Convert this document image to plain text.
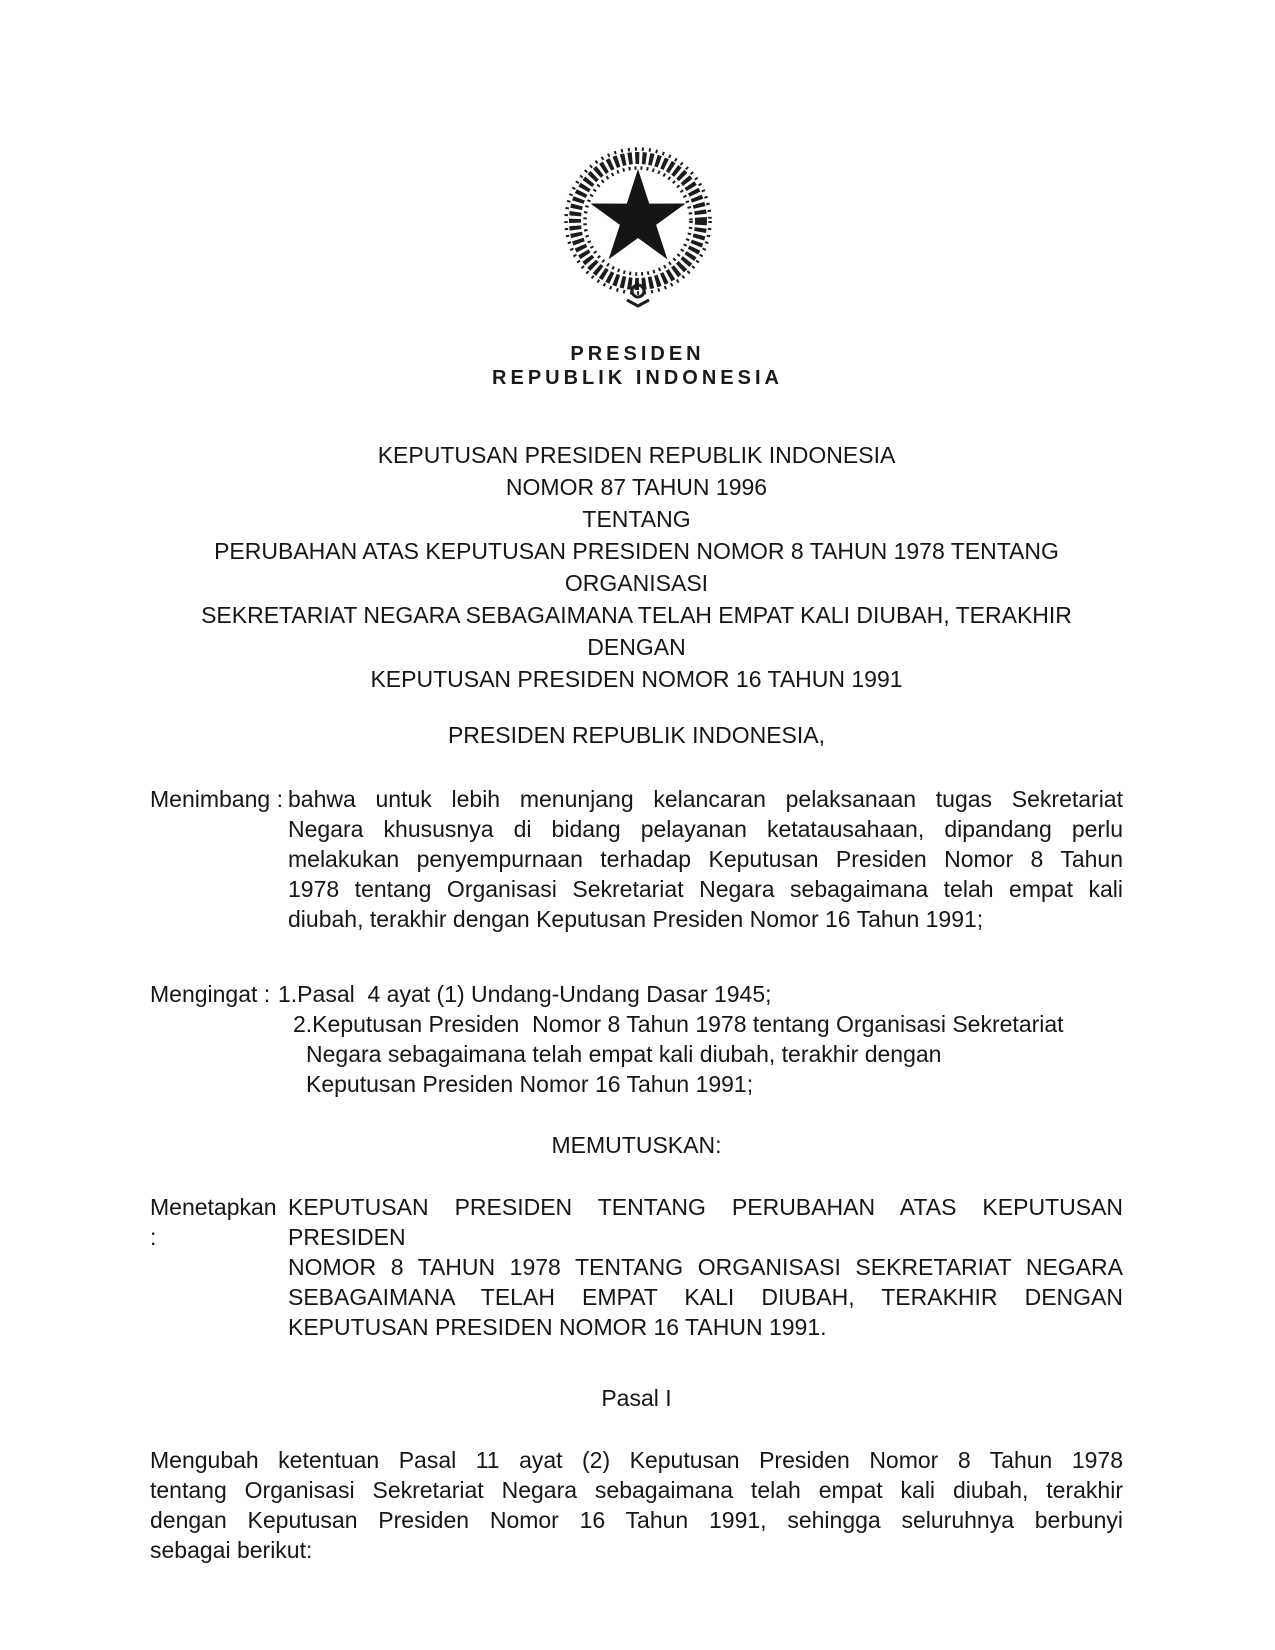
PRESIDEN
REPUBLIK INDONESIA
KEPUTUSAN PRESIDEN REPUBLIK INDONESIA
NOMOR 87 TAHUN 1996
TENTANG
PERUBAHAN ATAS KEPUTUSAN PRESIDEN NOMOR 8 TAHUN 1978 TENTANG ORGANISASI
SEKRETARIAT NEGARA SEBAGAIMANA TELAH EMPAT KALI DIUBAH, TERAKHIR DENGAN
KEPUTUSAN PRESIDEN NOMOR 16 TAHUN 1991
PRESIDEN REPUBLIK INDONESIA,
Menimbang : bahwa untuk lebih menunjang kelancaran pelaksanaan tugas Sekretariat
Negara khususnya di bidang pelayanan ketatausahaan, dipandang perlu
melakukan penyempurnaan terhadap Keputusan Presiden Nomor 8 Tahun
1978 tentang Organisasi Sekretariat Negara sebagaimana telah empat kali
diubah, terakhir dengan Keputusan Presiden Nomor 16 Tahun 1991;
Mengingat : 1.Pasal  4 ayat (1) Undang-Undang Dasar 1945;
2.Keputusan Presiden  Nomor 8 Tahun 1978 tentang Organisasi Sekretariat
Negara sebagaimana telah empat kali diubah, terakhir dengan
Keputusan Presiden Nomor 16 Tahun 1991;
MEMUTUSKAN:
Menetapkan :
KEPUTUSAN PRESIDEN TENTANG PERUBAHAN ATAS KEPUTUSAN PRESIDEN
NOMOR 8 TAHUN 1978 TENTANG ORGANISASI SEKRETARIAT NEGARA
SEBAGAIMANA TELAH EMPAT KALI DIUBAH, TERAKHIR DENGAN
KEPUTUSAN PRESIDEN NOMOR 16 TAHUN 1991.
Pasal I
Mengubah ketentuan Pasal 11 ayat (2) Keputusan Presiden Nomor 8 Tahun 1978
tentang Organisasi Sekretariat Negara sebagaimana telah empat kali diubah, terakhir
dengan Keputusan Presiden Nomor 16 Tahun 1991, sehingga seluruhnya berbunyi
sebagai berikut:
